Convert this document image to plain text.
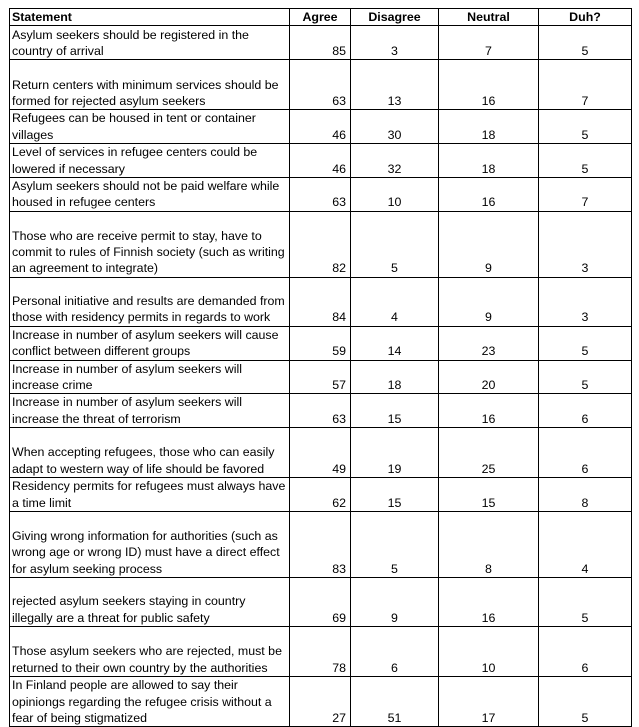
Statement	Agree	Disagree	Neutral	Duh?
Asylum seekers should be registered in the country of arrival	85	3	7	5
Return centers with minimum services should be formed for rejected asylum seekers	63	13	16	7
Refugees can be housed in tent or container villages	46	30	18	5
Level of services in refugee centers could be lowered if necessary	46	32	18	5
Asylum seekers should not be paid welfare while housed in refugee centers	63	10	16	7
Those who are receive permit to stay, have to commit to rules of Finnish society (such as writing an agreement to integrate)	82	5	9	3
Personal initiative and results are demanded from those with residency permits in regards to work	84	4	9	3
Increase in number of asylum seekers will cause conflict between different groups	59	14	23	5
Increase in number of asylum seekers will increase crime	57	18	20	5
Increase in number of asylum seekers will increase the threat of terrorism	63	15	16	6
When accepting refugees, those who can easily adapt to western way of life should be favored	49	19	25	6
Residency permits for refugees must always have a time limit	62	15	15	8
Giving wrong information for authorities (such as wrong age or wrong ID) must have a direct effect for asylum seeking process	83	5	8	4
rejected asylum seekers staying in country illegally are a threat for public safety	69	9	16	5
Those asylum seekers who are rejected, must be returned to their own country by the authorities	78	6	10	6
In Finland people are allowed to say their opiniongs regarding the refugee crisis without a fear of being stigmatized	27	51	17	5
